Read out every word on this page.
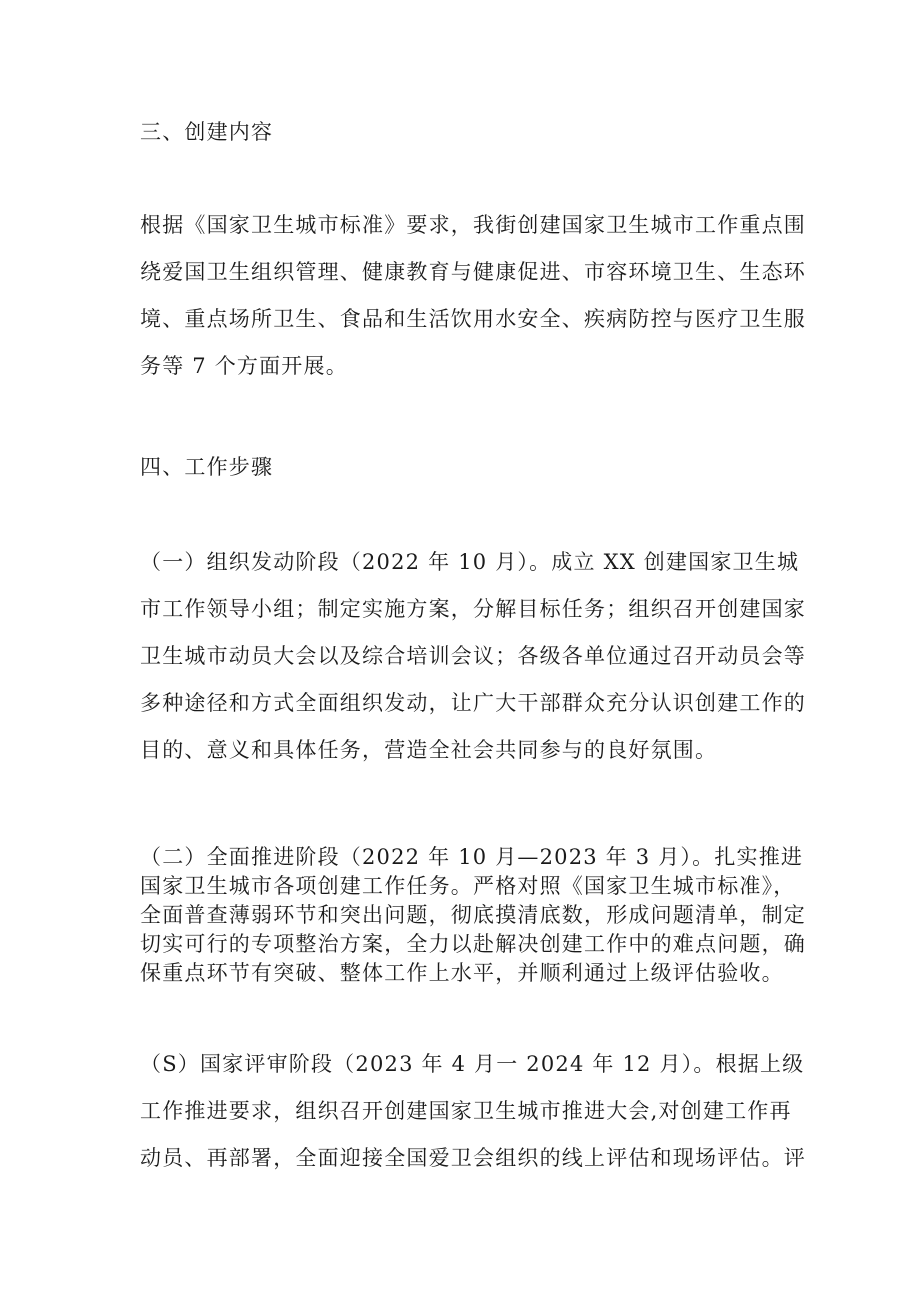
三、创建内容
根据《国家卫生城市标准》要求，我街创建国家卫生城市工作重点围
绕爱国卫生组织管理、健康教育与健康促进、市容环境卫生、生态环
境、重点场所卫生、食品和生活饮用水安全、疾病防控与医疗卫生服
务等 7 个方面开展。
四、工作步骤
（一）组织发动阶段（2022 年 10 月）。成立 XX 创建国家卫生城
市工作领导小组；制定实施方案，分解目标任务；组织召开创建国家
卫生城市动员大会以及综合培训会议；各级各单位通过召开动员会等
多种途径和方式全面组织发动，让广大干部群众充分认识创建工作的
目的、意义和具体任务，营造全社会共同参与的良好氛围。
（二）全面推进阶段（2022 年 10 月—2023 年 3 月）。扎实推进
国家卫生城市各项创建工作任务。严格对照《国家卫生城市标准》，
全面普查薄弱环节和突出问题，彻底摸清底数，形成问题清单，制定
切实可行的专项整治方案，全力以赴解决创建工作中的难点问题，确
保重点环节有突破、整体工作上水平，并顺利通过上级评估验收。
（S）国家评审阶段（2023 年 4 月一 2024 年 12 月）。根据上级
工作推进要求，组织召开创建国家卫生城市推进大会,对创建工作再
动员、再部署，全面迎接全国爱卫会组织的线上评估和现场评估。评
